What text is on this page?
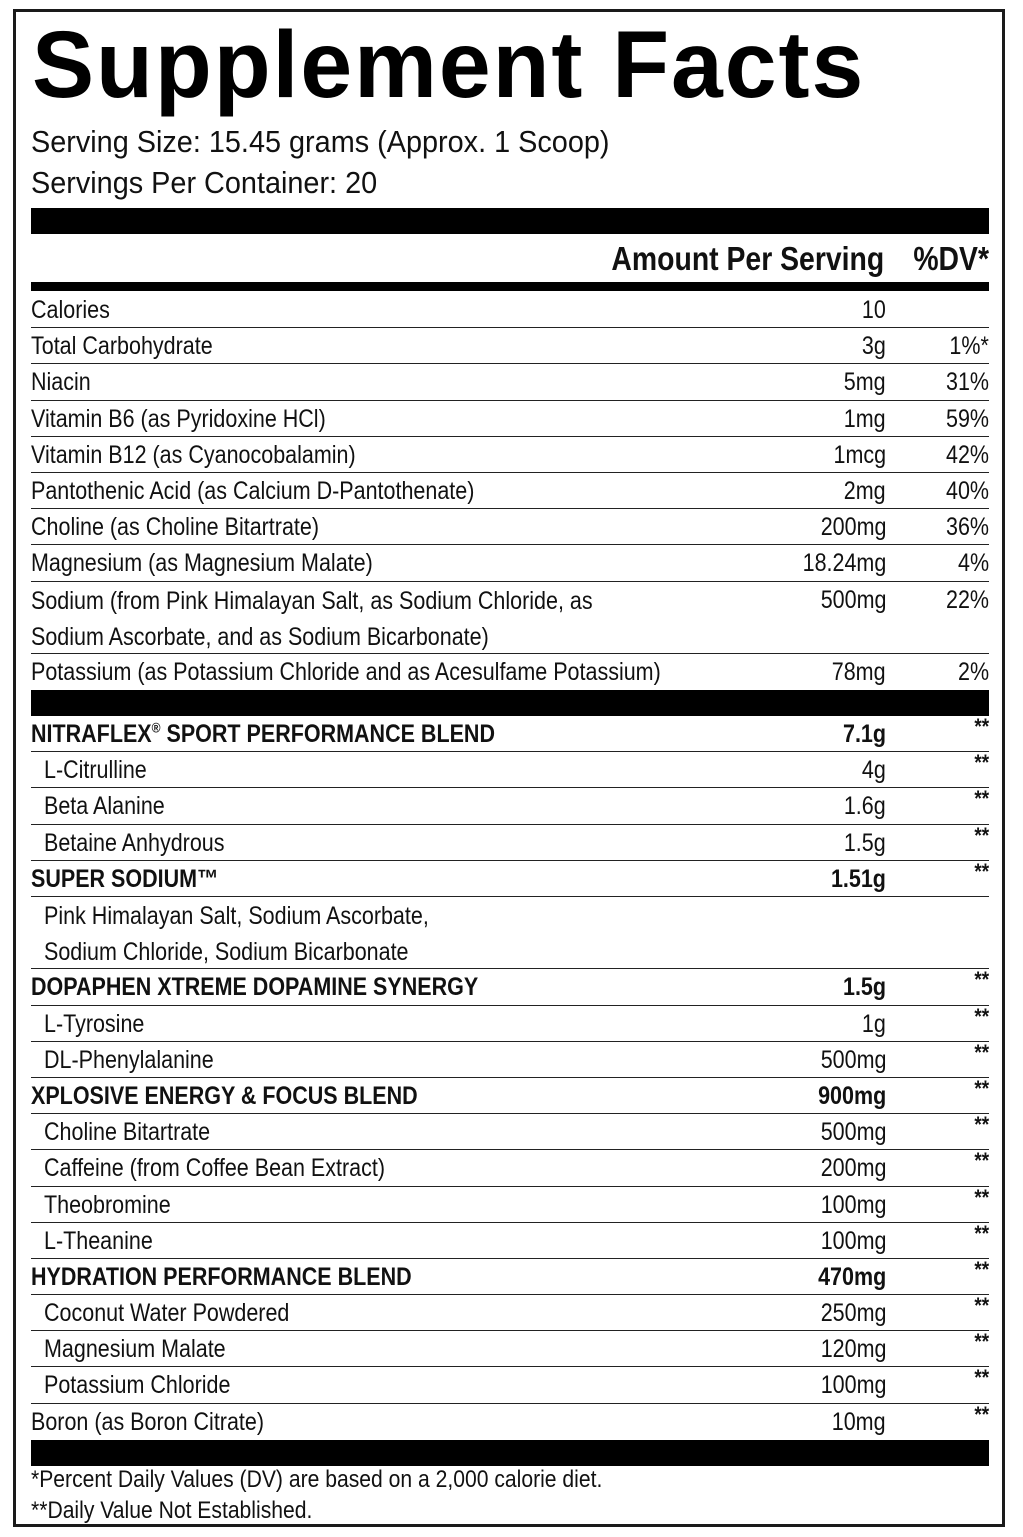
Supplement Facts
Serving Size: 15.45 grams (Approx. 1 Scoop)
Servings Per Container: 20
Amount Per Serving %DV*
Calories	10
Total Carbohydrate	3g	1%*
Niacin	5mg 31%
Vitamin B6 (as Pyridoxine HCl)	1mg 59%
Vitamin B12 (as Cyanocobalamin)	1mcg 42%
Pantothenic Acid (as Calcium D-Pantothenate)	2mg 40%
Choline (as Choline Bitartrate)	200mg 36%
Magnesium (as Magnesium Malate)	18.24mg	4%
Sodium (from Pink Himalayan Salt, as Sodium Chloride, as Sodium Ascorbate, and as Sodium Bicarbonate)
500mg 22%
Potassium (as Potassium Chloride and as Acesulfame Potassium)	78mg	2%
NITRAFLEX® SPORT PERFORMANCE BLEND	7.1g	**
L-Citrulline	4g	**
Beta Alanine	1.6g	**
Betaine Anhydrous	1.5g	**
SUPER SODIUM™	1.51g	**
Pink Himalayan Salt, Sodium Ascorbate, Sodium Chloride, Sodium Bicarbonate
DOPAPHEN XTREME DOPAMINE SYNERGY	1.5g	**
L-Tyrosine	1g	**
DL-Phenylalanine	500mg	**
XPLOSIVE ENERGY & FOCUS BLEND	900mg	**
Choline Bitartrate	500mg	**
Caffeine (from Coffee Bean Extract)	200mg	**
Theobromine	100mg	**
L-Theanine	100mg	**
HYDRATION PERFORMANCE BLEND	470mg	**
Coconut Water Powdered	250mg	**
Magnesium Malate	120mg	**
Potassium Chloride	100mg	**
Boron (as Boron Citrate)	10mg	**
*Percent Daily Values (DV) are based on a 2,000 calorie diet.
**Daily Value Not Established.
